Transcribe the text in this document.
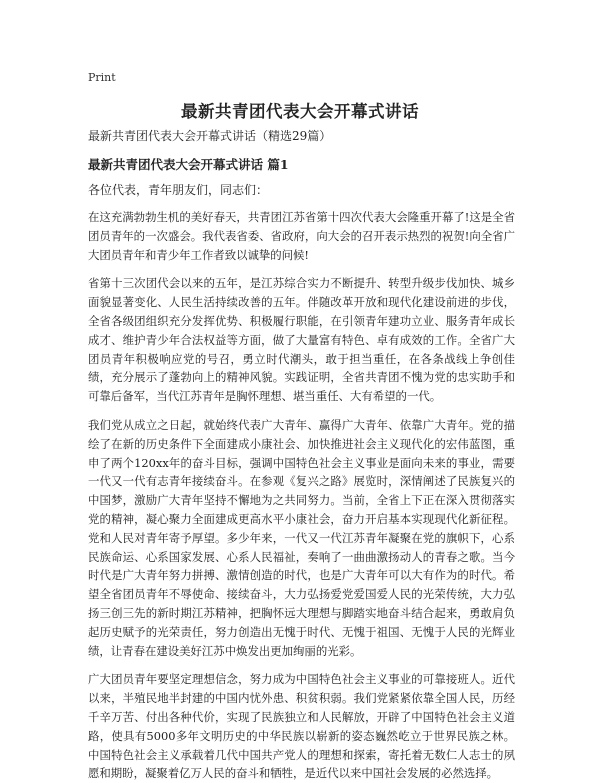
Print
最新共青团代表大会开幕式讲话

最新共青团代表大会开幕式讲话（精选29篇）

最新共青团代表大会开幕式讲话 篇1

各位代表，青年朋友们，同志们：

在这充满勃勃生机的美好春天，共青团江苏省第十四次代表大会隆重开幕了!这是全省团员青年的一次盛会。我代表省委、省政府，向大会的召开表示热烈的祝贺!向全省广大团员青年和青少年工作者致以诚挚的问候!

省第十三次团代会以来的五年，是江苏综合实力不断提升、转型升级步伐加快、城乡面貌显著变化、人民生活持续改善的五年。伴随改革开放和现代化建设前进的步伐，全省各级团组织充分发挥优势、积极履行职能，在引领青年建功立业、服务青年成长成才、维护青少年合法权益等方面，做了大量富有特色、卓有成效的工作。全省广大团员青年积极响应党的号召，勇立时代潮头，敢于担当重任，在各条战线上争创佳绩，充分展示了蓬勃向上的精神风貌。实践证明，全省共青团不愧为党的忠实助手和可靠后备军，当代江苏青年是胸怀理想、堪当重任、大有希望的一代。

我们党从成立之日起，就始终代表广大青年、赢得广大青年、依靠广大青年。党的描绘了在新的历史条件下全面建成小康社会、加快推进社会主义现代化的宏伟蓝图，重申了两个120xx年的奋斗目标，强调中国特色社会主义事业是面向未来的事业，需要一代又一代有志青年接续奋斗。在参观《复兴之路》展览时，深情阐述了民族复兴的中国梦，激励广大青年坚持不懈地为之共同努力。当前，全省上下正在深入贯彻落实党的精神，凝心聚力全面建成更高水平小康社会，奋力开启基本实现现代化新征程。党和人民对青年寄予厚望。多少年来，一代又一代江苏青年凝聚在党的旗帜下，心系民族命运、心系国家发展、心系人民福祉，奏响了一曲曲激扬动人的青春之歌。当今时代是广大青年努力拼搏、激情创造的时代，也是广大青年可以大有作为的时代。希望全省团员青年不辱使命、接续奋斗，大力弘扬爱党爱国爱人民的光荣传统，大力弘扬三创三先的新时期江苏精神，把胸怀远大理想与脚踏实地奋斗结合起来，勇敢肩负起历史赋予的光荣责任，努力创造出无愧于时代、无愧于祖国、无愧于人民的光辉业绩，让青春在建设美好江苏中焕发出更加绚丽的光彩。

广大团员青年要坚定理想信念，努力成为中国特色社会主义事业的可靠接班人。近代以来，半殖民地半封建的中国内忧外患、积贫积弱。我们党紧紧依靠全国人民，历经千辛万苦、付出各种代价，实现了民族独立和人民解放，开辟了中国特色社会主义道路，使具有5000多年文明历史的中华民族以崭新的姿态巍然屹立于世界民族之林。中国特色社会主义承载着几代中国共产党人的理想和探索，寄托着无数仁人志士的夙愿和期盼，凝聚着亿万人民的奋斗和牺牲，是近代以来中国社会发展的必然选择。
